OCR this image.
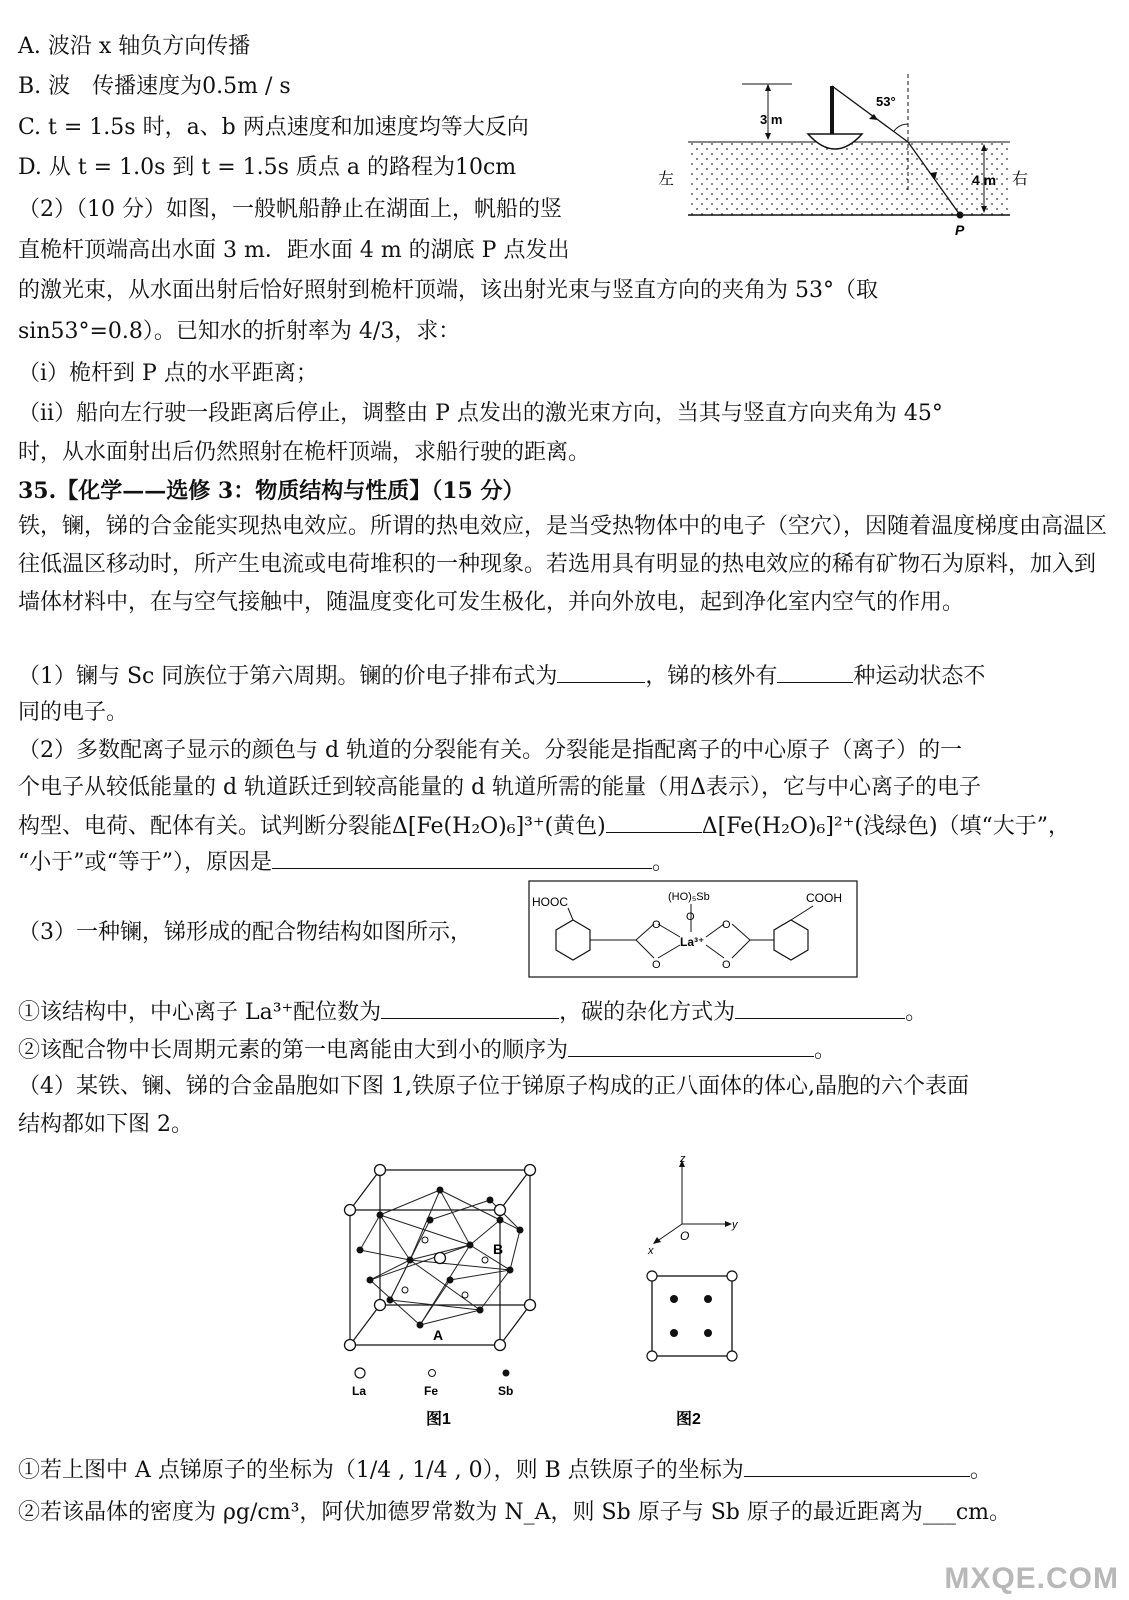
A. 波沿 x 轴负方向传播
B. 波　传播速度为0.5m / s
C. t = 1.5s 时，a、b 两点速度和加速度均等大反向
D. 从 t = 1.0s 到 t = 1.5s 质点 a 的路程为10cm
（2）（10 分）如图，一般帆船静止在湖面上，帆船的竖
直桅杆顶端高出水面 3 m．距水面 4 m 的湖底 P 点发出
的激光束，从水面出射后恰好照射到桅杆顶端，该出射光束与竖直方向的夹角为 53°（取
sin53°=0.8）。已知水的折射率为 4/3，求：
（i）桅杆到 P 点的水平距离；
（ii）船向左行驶一段距离后停止，调整由 P 点发出的激光束方向，当其与竖直方向夹角为 45°
时，从水面射出后仍然照射在桅杆顶端，求船行驶的距离。
3 m
53°
4 m 右
左
P
35.【化学——选修 3：物质结构与性质】（15 分）
铁，镧，锑的合金能实现热电效应。所谓的热电效应，是当受热物体中的电子（空穴），因随着温度梯度由高温区往低温区移动时，所产生电流或电荷堆积的一种现象。若选用具有明显的热电效应的稀有矿物石为原料，加入到墙体材料中，在与空气接触中，随温度变化可发生极化，并向外放电，起到净化室内空气的作用。
（1）镧与 Sc 同族位于第六周期。镧的价电子排布式为	，锑的核外有	种运动状态不
同的电子。
（2）多数配离子显示的颜色与 d 轨道的分裂能有关。分裂能是指配离子的中心原子（离子）的一
个电子从较低能量的 d 轨道跃迁到较高能量的 d 轨道所需的能量（用Δ表示），它与中心离子的电子
构型、电荷、配体有关。试判断分裂能Δ[Fe(H₂O)₆]³⁺(黄色)	Δ[Fe(H₂O)₆]²⁺(浅绿色)（填“大于”，
“小于”或“等于”），原因是	。
（3）一种镧，锑形成的配合物结构如图所示，
HOOC	(HO)₅Sb	COOH
O
O
La³⁺
O
O
O
①该结构中，中心离子 La³⁺配位数为	，碳的杂化方式为	。
②该配合物中长周期元素的第一电离能由大到小的顺序为	。
（4）某铁、镧、锑的合金晶胞如下图 1,铁原子位于锑原子构成的正八面体的体心,晶胞的六个表面
结构都如下图 2。
A
B
La	Fe	Sb
图1
z
y
x
O
图2
①若上图中 A 点锑原子的坐标为（1/4 , 1/4 , 0），则 B 点铁原子的坐标为	。
②若该晶体的密度为 ρg/cm³，阿伏加德罗常数为 N_A，则 Sb 原子与 Sb 原子的最近距离为___cm。
MXQE.COM
